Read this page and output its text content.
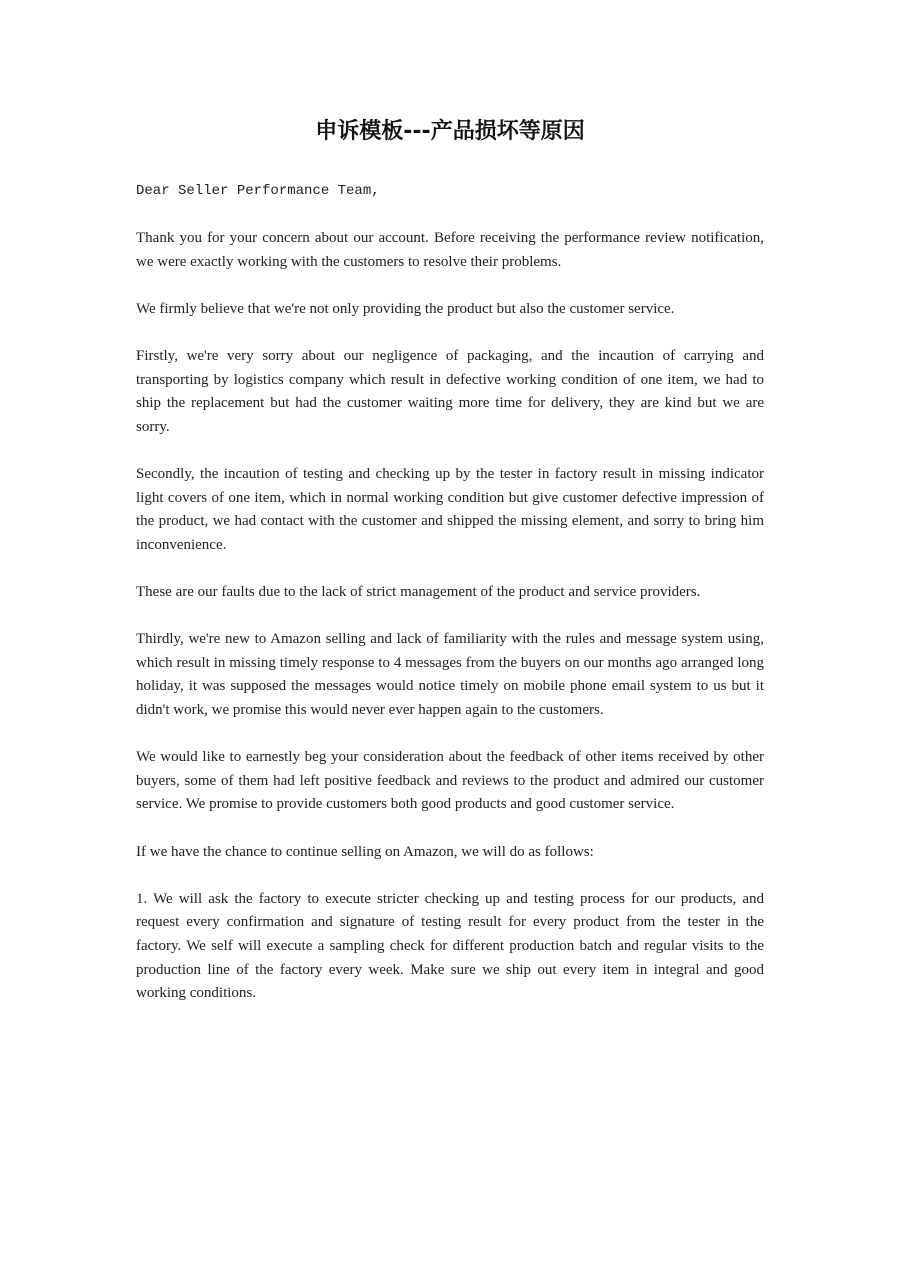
申诉模板---产品损坏等原因

Dear Seller Performance Team,

Thank you for your concern about our account. Before receiving the performance review notification, we were exactly working with the customers to resolve their problems.

We firmly believe that we're not only providing the product but also the customer service.

Firstly, we're very sorry about our negligence of packaging, and the incaution of carrying and transporting by logistics company which result in defective working condition of one item, we had to ship the replacement but had the customer waiting more time for delivery, they are kind but we are sorry.

Secondly, the incaution of testing and checking up by the tester in factory result in missing indicator light covers of one item, which in normal working condition but give customer defective impression of the product, we had contact with the customer and shipped the missing element, and sorry to bring him inconvenience.

These are our faults due to the lack of strict management of the product and service providers.

Thirdly, we're new to Amazon selling and lack of familiarity with the rules and message system using, which result in missing timely response to 4 messages from the buyers on our months ago arranged long holiday, it was supposed the messages would notice timely on mobile phone email system to us but it didn't work, we promise this would never ever happen again to the customers.

We would like to earnestly beg your consideration about the feedback of other items received by other buyers, some of them had left positive feedback and reviews to the product and admired our customer service. We promise to provide customers both good products and good customer service.

If we have the chance to continue selling on Amazon, we will do as follows:

1. We will ask the factory to execute stricter checking up and testing process for our products, and request every confirmation and signature of testing result for every product from the tester in the factory. We self will execute a sampling check for different production batch and regular visits to the production line of the factory every week. Make sure we ship out every item in integral and good working conditions.
